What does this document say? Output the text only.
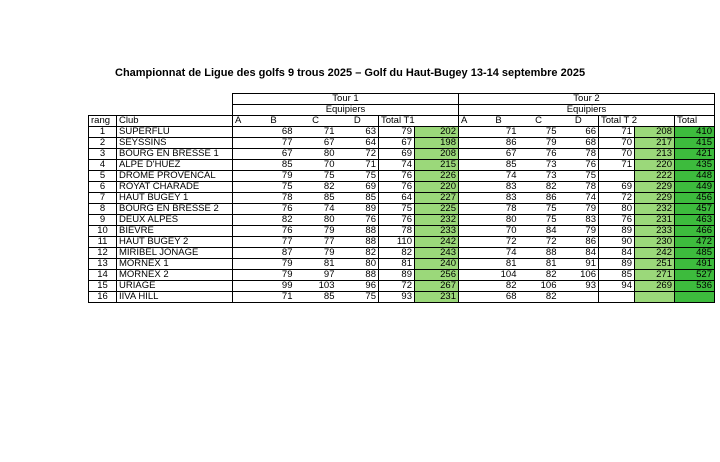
Championnat de Ligue des golfs 9 trous 2025 – Golf du Haut-Bugey 13-14 septembre 2025
		Tour 1						Tour 2						
		Equipiers						Equipiers						
rang	Club	A	B	C	D	Total T1		A	B	C	D	Total T 2		Total
1	SUPERFLU		68	71	63	79	202		71	75	66	71	208	410
2	SEYSSINS		77	67	64	67	198		86	79	68	70	217	415
3	BOURG EN BRESSE 1		67	80	72	69	208		67	76	78	70	213	421
4	ALPE D'HUEZ		85	70	71	74	215		85	73	76	71	220	435
5	DROME PROVENCAL		79	75	75	76	226		74	73	75		222	448
6	ROYAT CHARADE		75	82	69	76	220		83	82	78	69	229	449
7	HAUT BUGEY 1		78	85	85	64	227		83	86	74	72	229	456
8	BOURG EN BRESSE 2		76	74	89	75	225		78	75	79	80	232	457
9	DEUX ALPES		82	80	76	76	232		80	75	83	76	231	463
10	BIEVRE		76	79	88	78	233		70	84	79	89	233	466
11	HAUT BUGEY 2		77	77	88	110	242		72	72	86	90	230	472
12	MIRIBEL JONAGE		87	79	82	82	243		74	88	84	84	242	485
13	MORNEX 1		79	81	80	81	240		81	81	91	89	251	491
14	MORNEX 2		79	97	88	89	256		104	82	106	85	271	527
15	URIAGE		99	103	96	72	267		82	106	93	94	269	536
16	IIVA HILL		71	85	75	93	231		68	82				
